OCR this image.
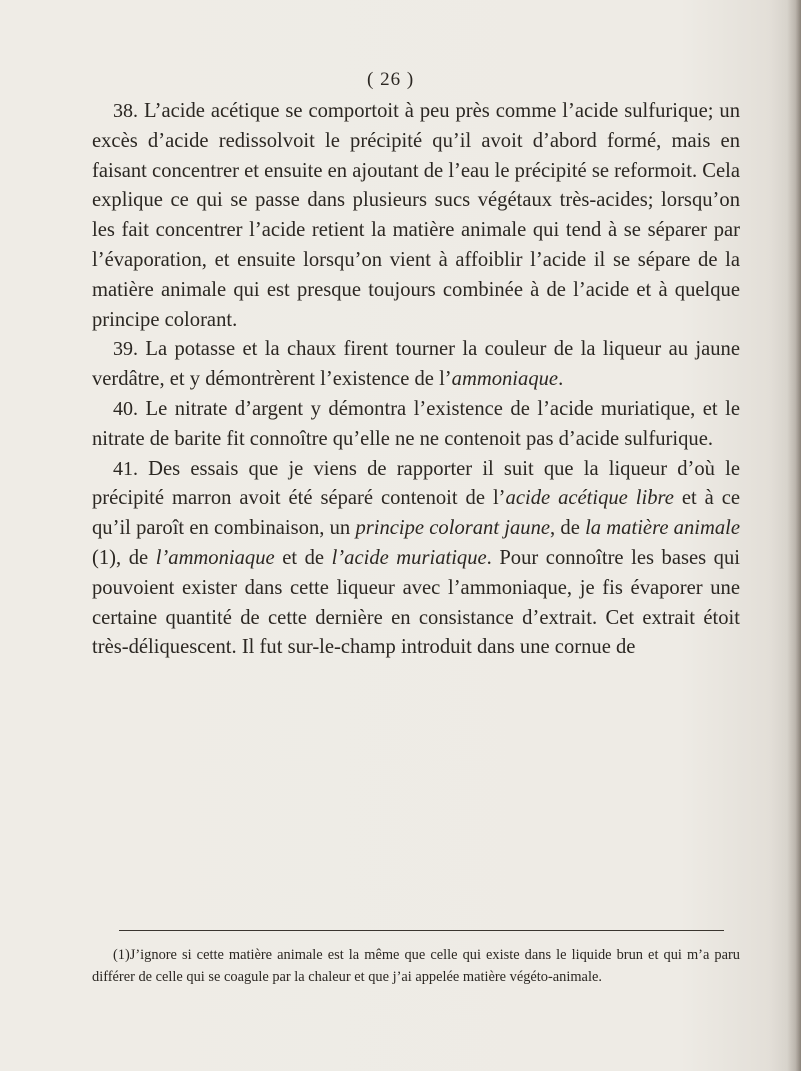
( 26 )

38. L’acide acétique se comportoit à peu près comme l’acide sulfurique; un excès d’acide redissolvoit le précipité qu’il avoit d’abord formé, mais en faisant concentrer et ensuite en ajoutant de l’eau le précipité se reformoit. Cela explique ce qui se passe dans plusieurs sucs végétaux très-acides; lorsqu’on les fait concentrer l’acide retient la matière animale qui tend à se séparer par l’évaporation, et ensuite lorsqu’on vient à affoiblir l’acide il se sépare de la matière animale qui est presque toujours combinée à de l’acide et à quelque principe colorant.

39. La potasse et la chaux firent tourner la couleur de la liqueur au jaune verdâtre, et y démontrèrent l’existence de l’ammoniaque.

40. Le nitrate d’argent y démontra l’existence de l’acide muriatique, et le nitrate de barite fit connoître qu’elle ne ne contenoit pas d’acide sulfurique.

41. Des essais que je viens de rapporter il suit que la liqueur d’où le précipité marron avoit été séparé contenoit de l’acide acétique libre et à ce qu’il paroît en combinaison, un principe colorant jaune, de la matière animale (1), de l’ammoniaque et de l’acide muriatique. Pour connoître les bases qui pouvoient exister dans cette liqueur avec l’ammoniaque, je fis évaporer une certaine quantité de cette dernière en consistance d’extrait. Cet extrait étoit très-déliquescent. Il fut sur-le-champ introduit dans une cornue de

(1)J’ignore si cette matière animale est la même que celle qui existe dans le liquide brun et qui m’a paru différer de celle qui se coagule par la chaleur et que j’ai appelée matière végéto-animale.
